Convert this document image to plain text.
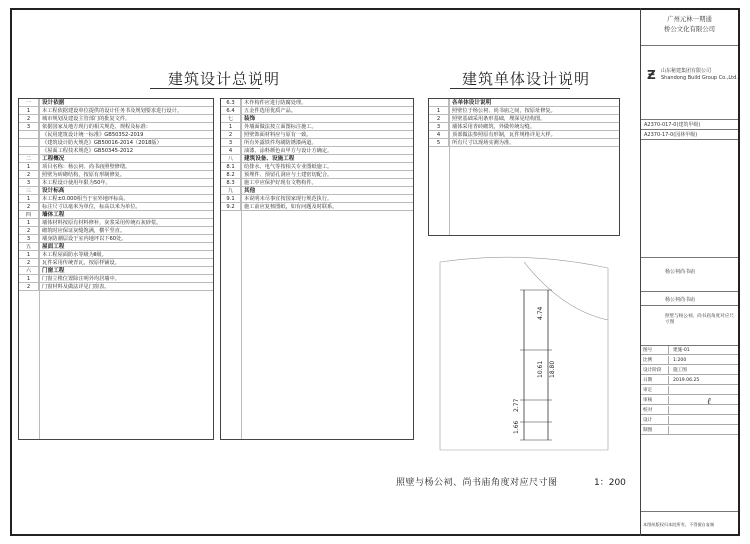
建筑设计总说明	建筑单体设计说明
一 设计依据
1 本工程依据建设单位提供的设计任务书及规划要求进行设计。
2 城市规划及建设主管部门的批复文件。
3 依据国家及地方现行的相关规范、规程及标准：
《民用建筑设计统一标准》GB50352-2019
《建筑设计防火规范》GB50016-2014（2018版）
《屋面工程技术规范》GB50345-2012
二 工程概况
1 项目名称：杨公祠、尚书庙照壁修缮。
2 照壁为砖砌结构，按原有形制修复。
3 本工程设计使用年限为50年。
三 设计标高
1 本工程±0.000相当于室外地坪标高。
2 标注尺寸以毫米为单位，标高以米为单位。
四 墙体工程
1 墙体材料按原有材料修补，灰浆采用传统石灰砂浆。
2 砌筑时应保证灰缝饱满，横平竖直。
3 墙身防潮层设于室内地坪以下60处。
五 屋面工程
1 本工程屋面防水等级为Ⅱ级。
2 瓦件采用传统青瓦，按原样铺设。
六 门窗工程
1 门窗立樘位置除注明外均居墙中。
2 门窗材料及做法详见门窗表。
6.3 木作构件应进行防腐处理。
6.4 五金件选用优质产品。
七 装饰
1 外墙面做法按立面图标注施工。
2 照壁饰面材料应与原有一致。
3 所有外露铁件均刷防锈漆两道。
4 油漆、涂料颜色由甲方与设计方确定。
八 建筑设备、设施工程
8.1 给排水、电气等按相关专业图纸施工。
8.2 预埋件、预留孔洞应与土建密切配合。
8.3 施工中应保护好现有文物构件。
九 其他
9.1 本说明未尽事宜按国家现行规范执行。
9.2 施工前应复核图纸，如有问题及时联系。
各单体设计说明
1 照壁位于杨公祠、尚书庙之间，按原址修复。
2 照壁基础采用条形基础，埋深见结构图。
3 墙体采用青砖砌筑，外做传统勾缝。
4 顶部做法参照原有形制，瓦件规格详见大样。
5 所有尺寸以现场实测为准。
1.66
2.77
10.61 18.80
4.74
照壁与杨公祠、尚书庙角度对应尺寸图	1：200
广州元林一期通
桥公文化有限公司
Ƶ 山东秘建集团有限公司
Shandong Build Group Co.,Ltd.
A2370-017-0(建筑甲级)
A2370-17-0(园林甲级)
杨公祠尚书庙
杨公祠尚书庙
照壁与杨公祠、尚书庙角度对应尺寸图
图号	建施-01
比例	1:200
设计阶段	施工图
日期	2019.06.25
审定
审核
校对
设计
制图
ℓ
本图纸版权归本院所有，不得擅自复制
